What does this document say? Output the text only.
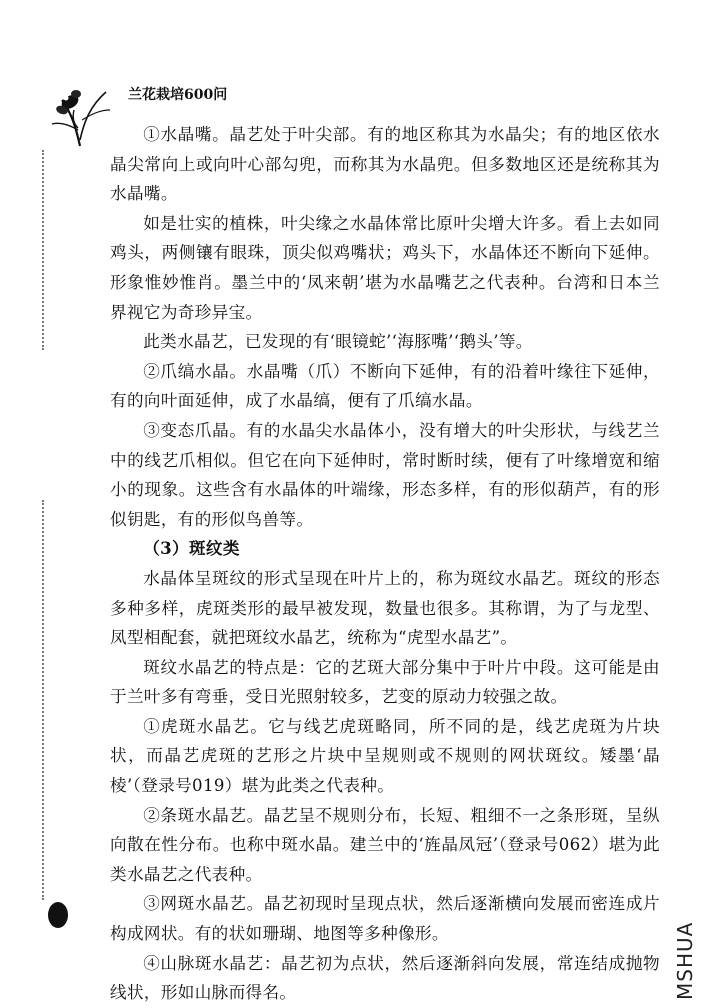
兰花栽培600问

①水晶嘴。晶艺处于叶尖部。有的地区称其为水晶尖；有的地区依水晶尖常向上或向叶心部勾兜，而称其为水晶兜。但多数地区还是统称其为水晶嘴。

如是壮实的植株，叶尖缘之水晶体常比原叶尖增大许多。看上去如同鸡头，两侧镶有眼珠，顶尖似鸡嘴状；鸡头下，水晶体还不断向下延伸。形象惟妙惟肖。墨兰中的‘凤来朝’堪为水晶嘴艺之代表种。台湾和日本兰界视它为奇珍异宝。

此类水晶艺，已发现的有‘眼镜蛇’‘海豚嘴’‘鹅头’等。

②爪缟水晶。水晶嘴（爪）不断向下延伸，有的沿着叶缘往下延伸，有的向叶面延伸，成了水晶缟，便有了爪缟水晶。

③变态爪晶。有的水晶尖水晶体小，没有增大的叶尖形状，与线艺兰中的线艺爪相似。但它在向下延伸时，常时断时续，便有了叶缘增宽和缩小的现象。这些含有水晶体的叶端缘，形态多样，有的形似葫芦，有的形似钥匙，有的形似鸟兽等。

（3）斑纹类

水晶体呈斑纹的形式呈现在叶片上的，称为斑纹水晶艺。斑纹的形态多种多样，虎斑类形的最早被发现，数量也很多。其称谓，为了与龙型、凤型相配套，就把斑纹水晶艺，统称为“虎型水晶艺”。

斑纹水晶艺的特点是：它的艺斑大部分集中于叶片中段。这可能是由于兰叶多有弯垂，受日光照射较多，艺变的原动力较强之故。

①虎斑水晶艺。它与线艺虎斑略同，所不同的是，线艺虎斑为片块状，而晶艺虎斑的艺形之片块中呈规则或不规则的网状斑纹。矮墨‘晶棱’（登录号019）堪为此类之代表种。

②条斑水晶艺。晶艺呈不规则分布，长短、粗细不一之条形斑，呈纵向散在性分布。也称中斑水晶。建兰中的‘旌晶凤冠’（登录号062）堪为此类水晶艺之代表种。

③网斑水晶艺。晶艺初现时呈现点状，然后逐渐横向发展而密连成片构成网状。有的状如珊瑚、地图等多种像形。

④山脉斑水晶艺：晶艺初为点状，然后逐渐斜向发展，常连结成抛物线状，形如山脉而得名。	MSHUA
